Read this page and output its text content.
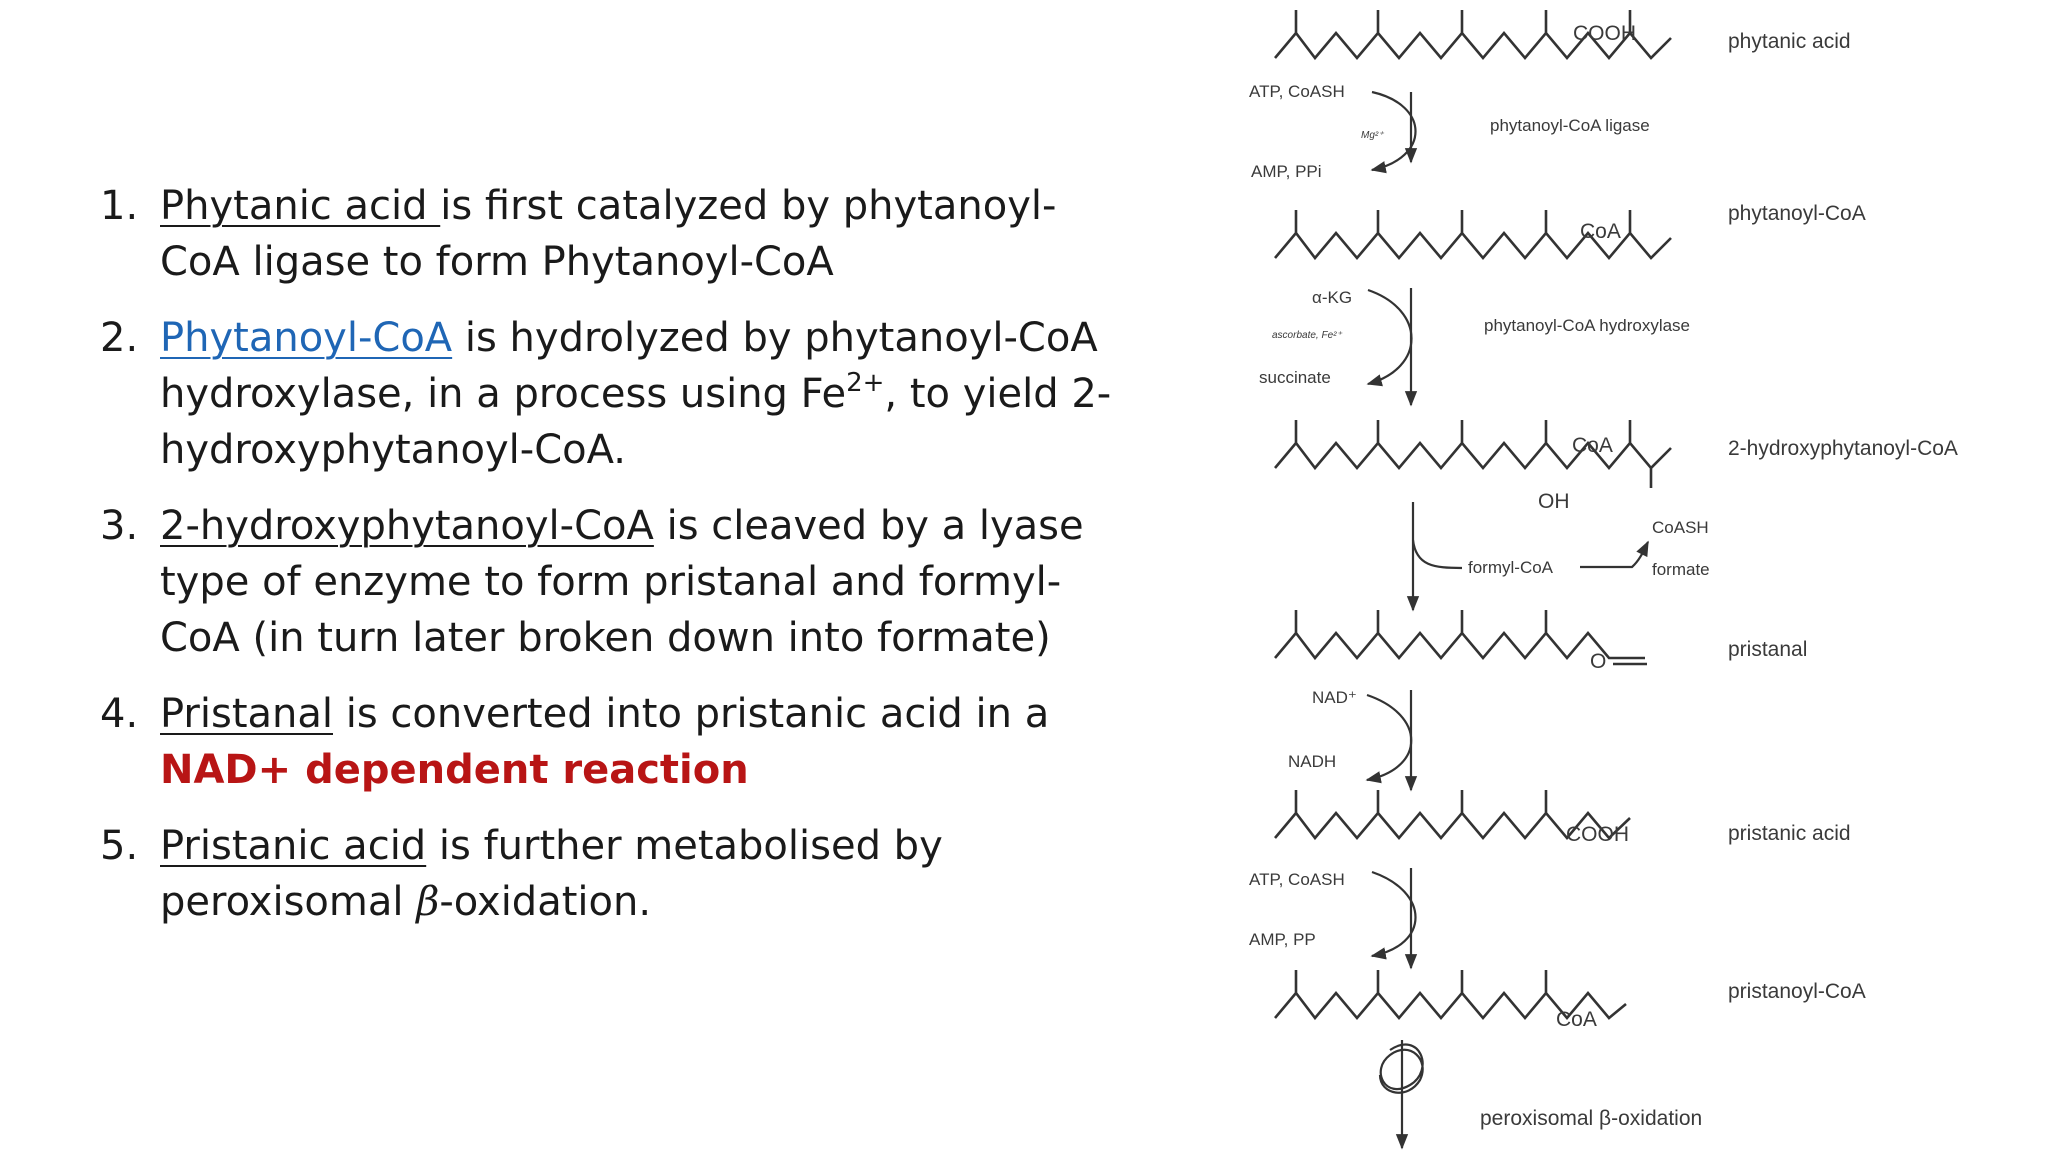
1. Phytanic acid is first catalyzed by phytanoyl-CoA ligase to form Phytanoyl-CoA
2. Phytanoyl-CoA is hydrolyzed by phytanoyl-CoA hydroxylase, in a process using $Fe^{2+}$, to yield 2-hydroxyphytanoyl-CoA.
3. 2-hydroxyphytanoyl-CoA is cleaved by a lyase type of enzyme to form pristanal and formyl-CoA (in turn later broken down into formate)
4. Pristanal is converted into pristanic acid in a NAD+ dependent reaction
5. Pristanic acid is further metabolised by peroxisomal β-oxidation.
phytanic acid
phytanoyl-CoA
2-hydroxyphytanoyl-CoA
pristanal
pristanic acid
pristanoyl-CoA
COOH
CoA
CoA
OH
O
COOH
CoA
phytanoyl-CoA ligase
phytanoyl-CoA hydroxylase
ATP, CoASH
Mg²⁺
AMP, PPi
α-KG
ascorbate, Fe²⁺
succinate
formyl-CoA
CoASH
formate
NAD⁺
NADH
ATP, CoASH
AMP, PP
peroxisomal β-oxidation
